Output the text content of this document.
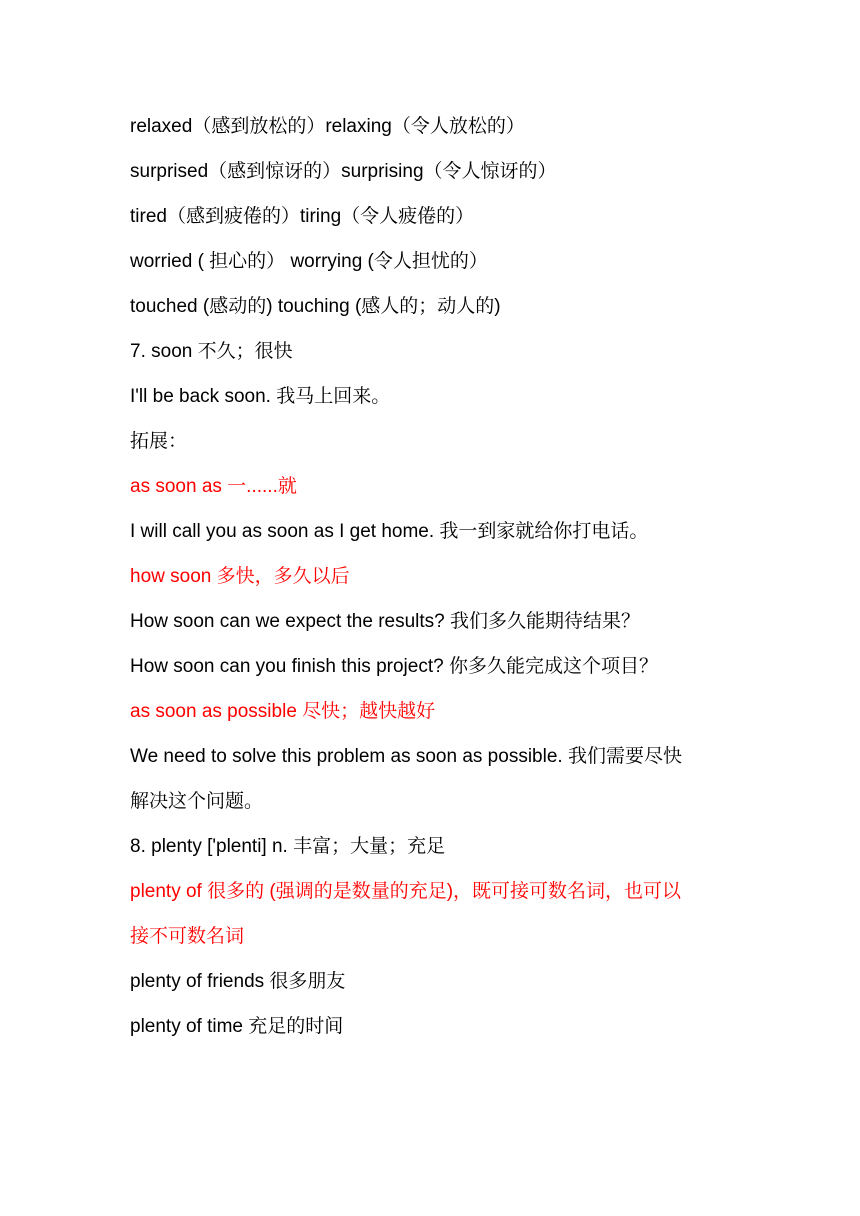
relaxed（感到放松的）relaxing（令人放松的）
surprised（感到惊讶的）surprising（令人惊讶的）
tired（感到疲倦的）tiring（令人疲倦的）
worried ( 担心的） worrying (令人担忧的）
touched (感动的) touching (感人的；动人的)
7. soon 不久；很快
I'll be back soon. 我马上回来。
拓展：
as soon as 一......就
I will call you as soon as I get home. 我一到家就给你打电话。
how soon 多快，多久以后
How soon can we expect the results? 我们多久能期待结果？
How soon can you finish this project? 你多久能完成这个项目？
as soon as possible 尽快；越快越好
We need to solve this problem as soon as possible. 我们需要尽快
解决这个问题。
8. plenty ['plenti] n. 丰富；大量；充足
plenty of 很多的 (强调的是数量的充足)，既可接可数名词，也可以
接不可数名词
plenty of friends 很多朋友
plenty of time 充足的时间
